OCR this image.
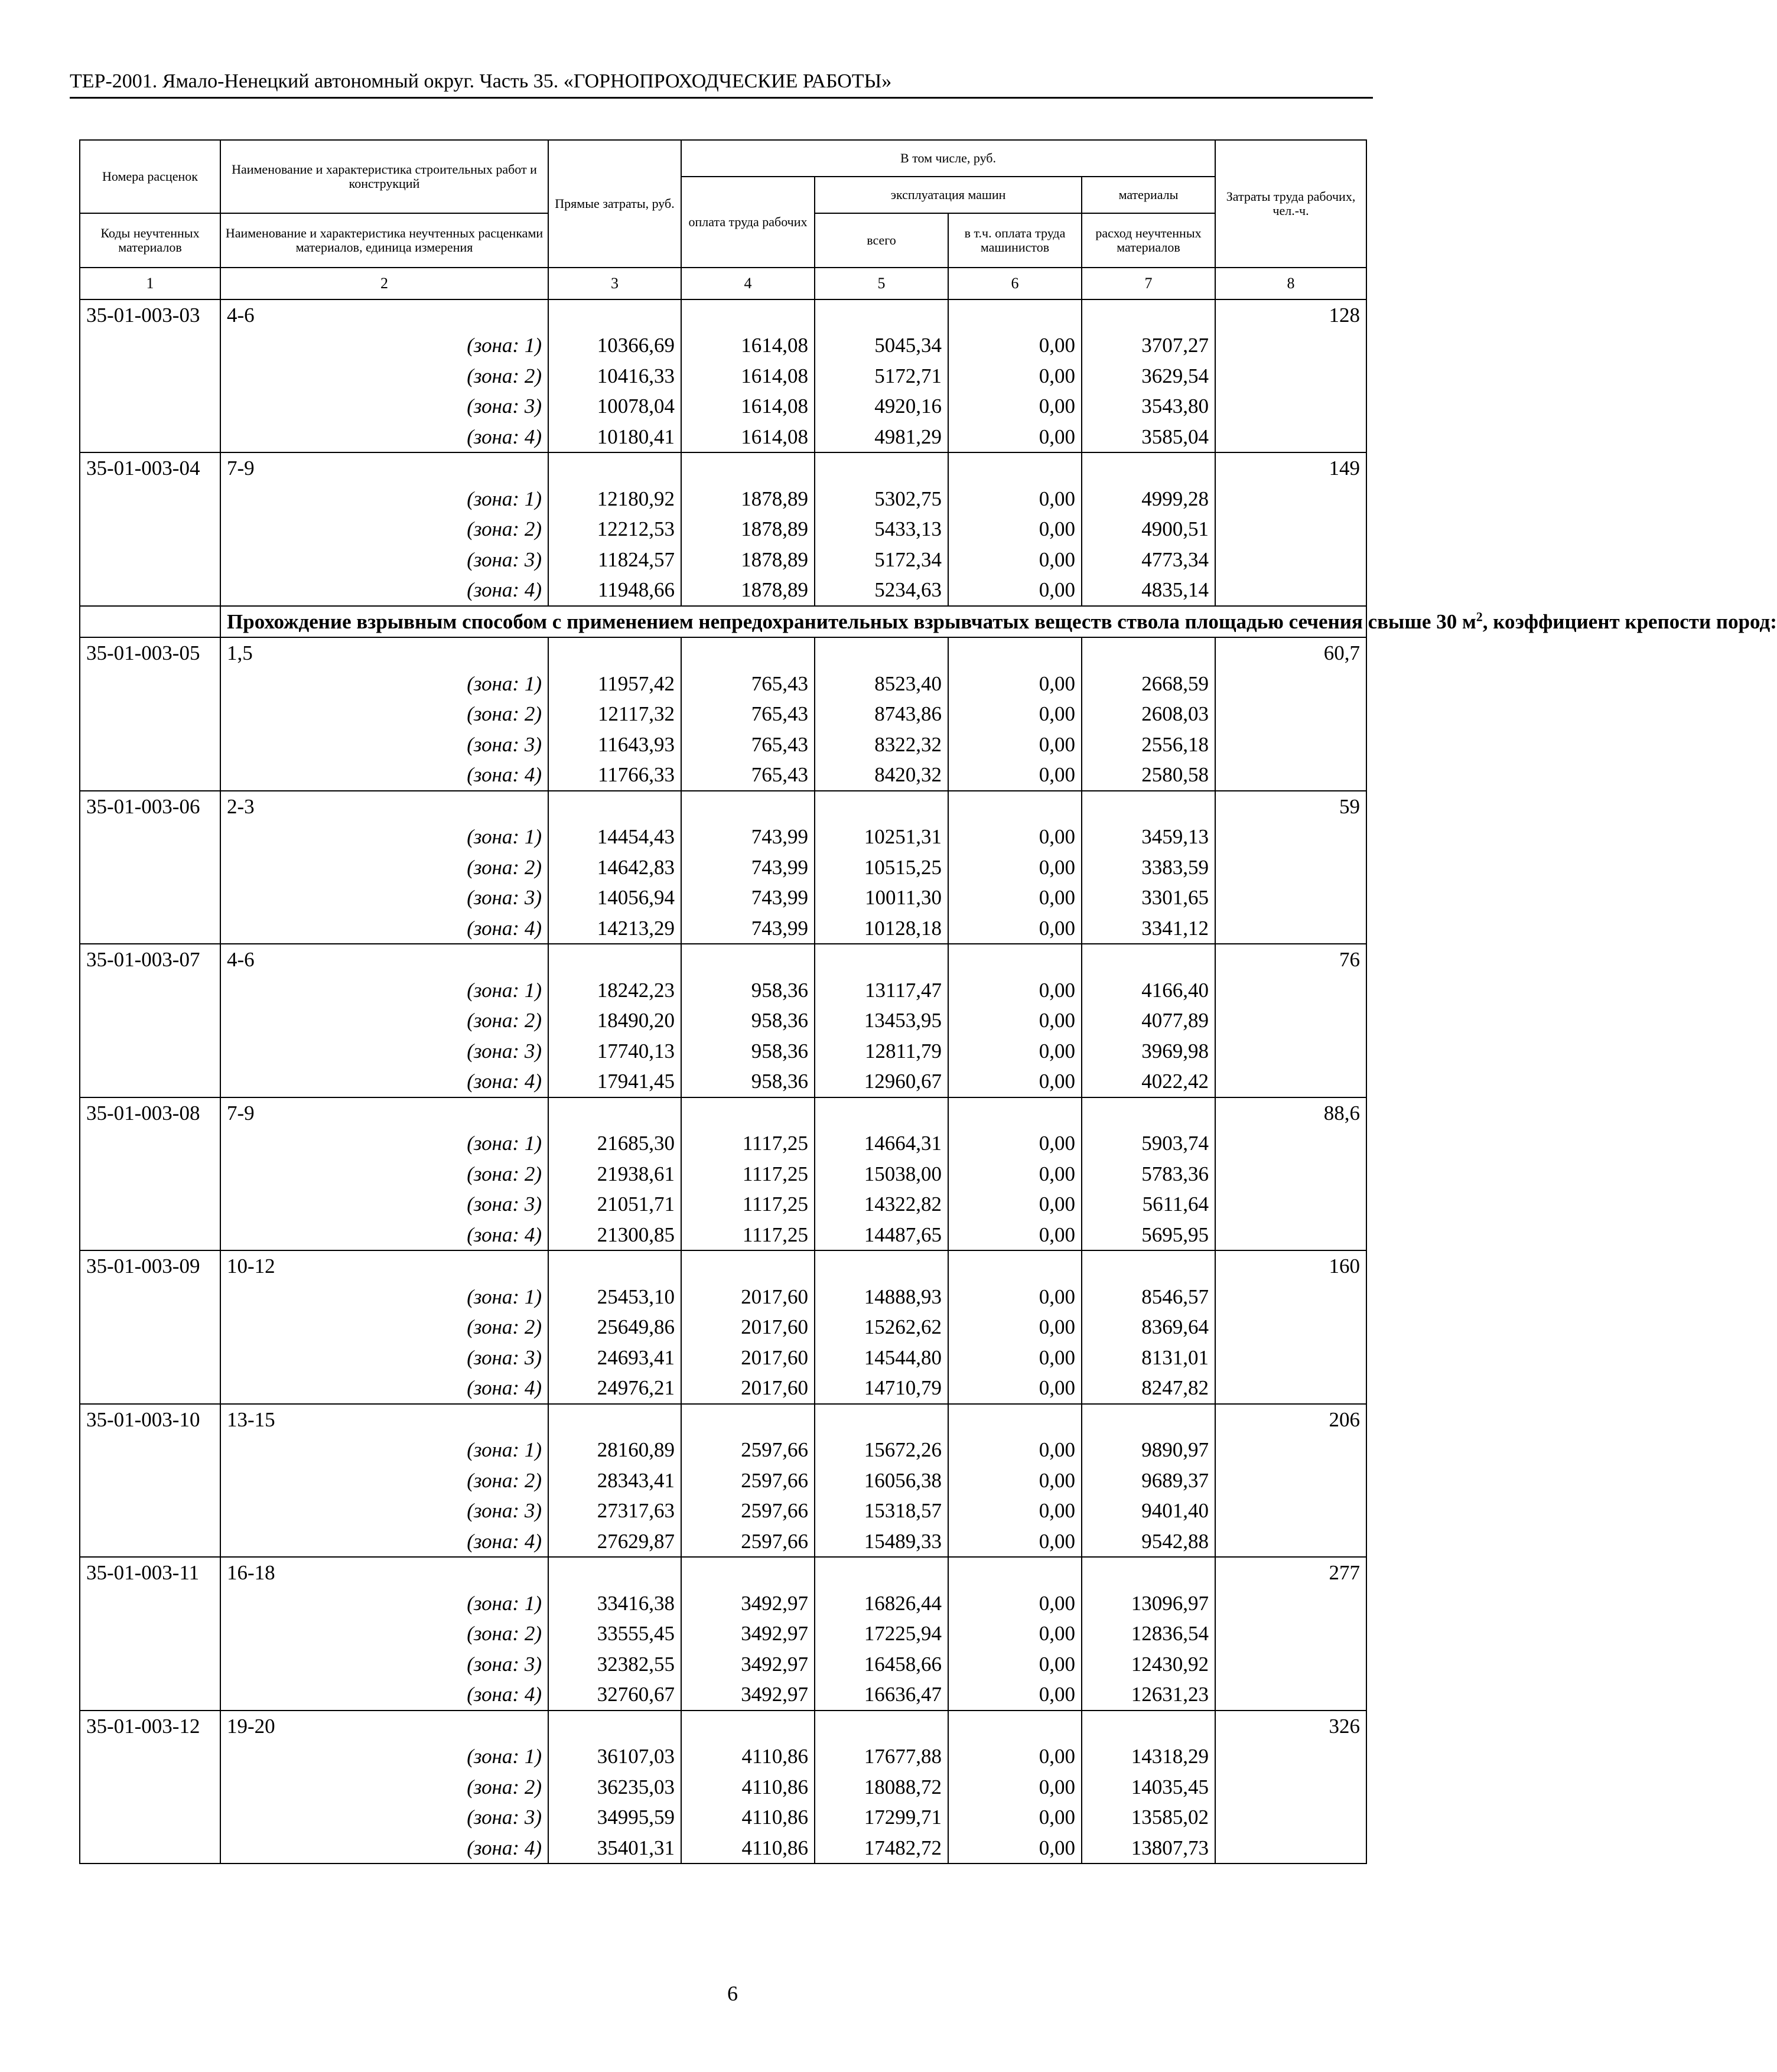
ТЕР-2001. Ямало-Ненецкий автономный округ. Часть 35. «ГОРНОПРОХОДЧЕСКИЕ РАБОТЫ»
Номера расценок	Наименование и характеристика строительных работ и конструкций	Прямые затраты, руб.	В том числе, руб.				Затраты труда рабочих, чел.-ч.
			оплата труда рабочих	эксплуатация машин		материалы	
Коды неучтенных материалов	Наименование и характеристика неучтенных расценками материалов, единица измерения			всего	в т.ч. оплата труда машинистов	расход неучтенных материалов	
1	2	3	4	5	6	7	8
35-01-003-03	4-6						128
	(зона: 1)	10366,69	1614,08	5045,34	0,00	3707,27	
	(зона: 2)	10416,33	1614,08	5172,71	0,00	3629,54	
	(зона: 3)	10078,04	1614,08	4920,16	0,00	3543,80	
	(зона: 4)	10180,41	1614,08	4981,29	0,00	3585,04	
35-01-003-04	7-9						149
	(зона: 1)	12180,92	1878,89	5302,75	0,00	4999,28	
	(зона: 2)	12212,53	1878,89	5433,13	0,00	4900,51	
	(зона: 3)	11824,57	1878,89	5172,34	0,00	4773,34	
	(зона: 4)	11948,66	1878,89	5234,63	0,00	4835,14	
	Прохождение взрывным способом с применением непредохранительных взрывчатых веществ ствола площадью сечения свыше 30 $м^2$, коэффициент крепости пород:						
35-01-003-05	1,5						60,7
	(зона: 1)	11957,42	765,43	8523,40	0,00	2668,59	
	(зона: 2)	12117,32	765,43	8743,86	0,00	2608,03	
	(зона: 3)	11643,93	765,43	8322,32	0,00	2556,18	
	(зона: 4)	11766,33	765,43	8420,32	0,00	2580,58	
35-01-003-06	2-3						59
	(зона: 1)	14454,43	743,99	10251,31	0,00	3459,13	
	(зона: 2)	14642,83	743,99	10515,25	0,00	3383,59	
	(зона: 3)	14056,94	743,99	10011,30	0,00	3301,65	
	(зона: 4)	14213,29	743,99	10128,18	0,00	3341,12	
35-01-003-07	4-6						76
	(зона: 1)	18242,23	958,36	13117,47	0,00	4166,40	
	(зона: 2)	18490,20	958,36	13453,95	0,00	4077,89	
	(зона: 3)	17740,13	958,36	12811,79	0,00	3969,98	
	(зона: 4)	17941,45	958,36	12960,67	0,00	4022,42	
35-01-003-08	7-9						88,6
	(зона: 1)	21685,30	1117,25	14664,31	0,00	5903,74	
	(зона: 2)	21938,61	1117,25	15038,00	0,00	5783,36	
	(зона: 3)	21051,71	1117,25	14322,82	0,00	5611,64	
	(зона: 4)	21300,85	1117,25	14487,65	0,00	5695,95	
35-01-003-09	10-12						160
	(зона: 1)	25453,10	2017,60	14888,93	0,00	8546,57	
	(зона: 2)	25649,86	2017,60	15262,62	0,00	8369,64	
	(зона: 3)	24693,41	2017,60	14544,80	0,00	8131,01	
	(зона: 4)	24976,21	2017,60	14710,79	0,00	8247,82	
35-01-003-10	13-15						206
	(зона: 1)	28160,89	2597,66	15672,26	0,00	9890,97	
	(зона: 2)	28343,41	2597,66	16056,38	0,00	9689,37	
	(зона: 3)	27317,63	2597,66	15318,57	0,00	9401,40	
	(зона: 4)	27629,87	2597,66	15489,33	0,00	9542,88	
35-01-003-11	16-18						277
	(зона: 1)	33416,38	3492,97	16826,44	0,00	13096,97	
	(зона: 2)	33555,45	3492,97	17225,94	0,00	12836,54	
	(зона: 3)	32382,55	3492,97	16458,66	0,00	12430,92	
	(зона: 4)	32760,67	3492,97	16636,47	0,00	12631,23	
35-01-003-12	19-20						326
	(зона: 1)	36107,03	4110,86	17677,88	0,00	14318,29	
	(зона: 2)	36235,03	4110,86	18088,72	0,00	14035,45	
	(зона: 3)	34995,59	4110,86	17299,71	0,00	13585,02	
	(зона: 4)	35401,31	4110,86	17482,72	0,00	13807,73	
6
